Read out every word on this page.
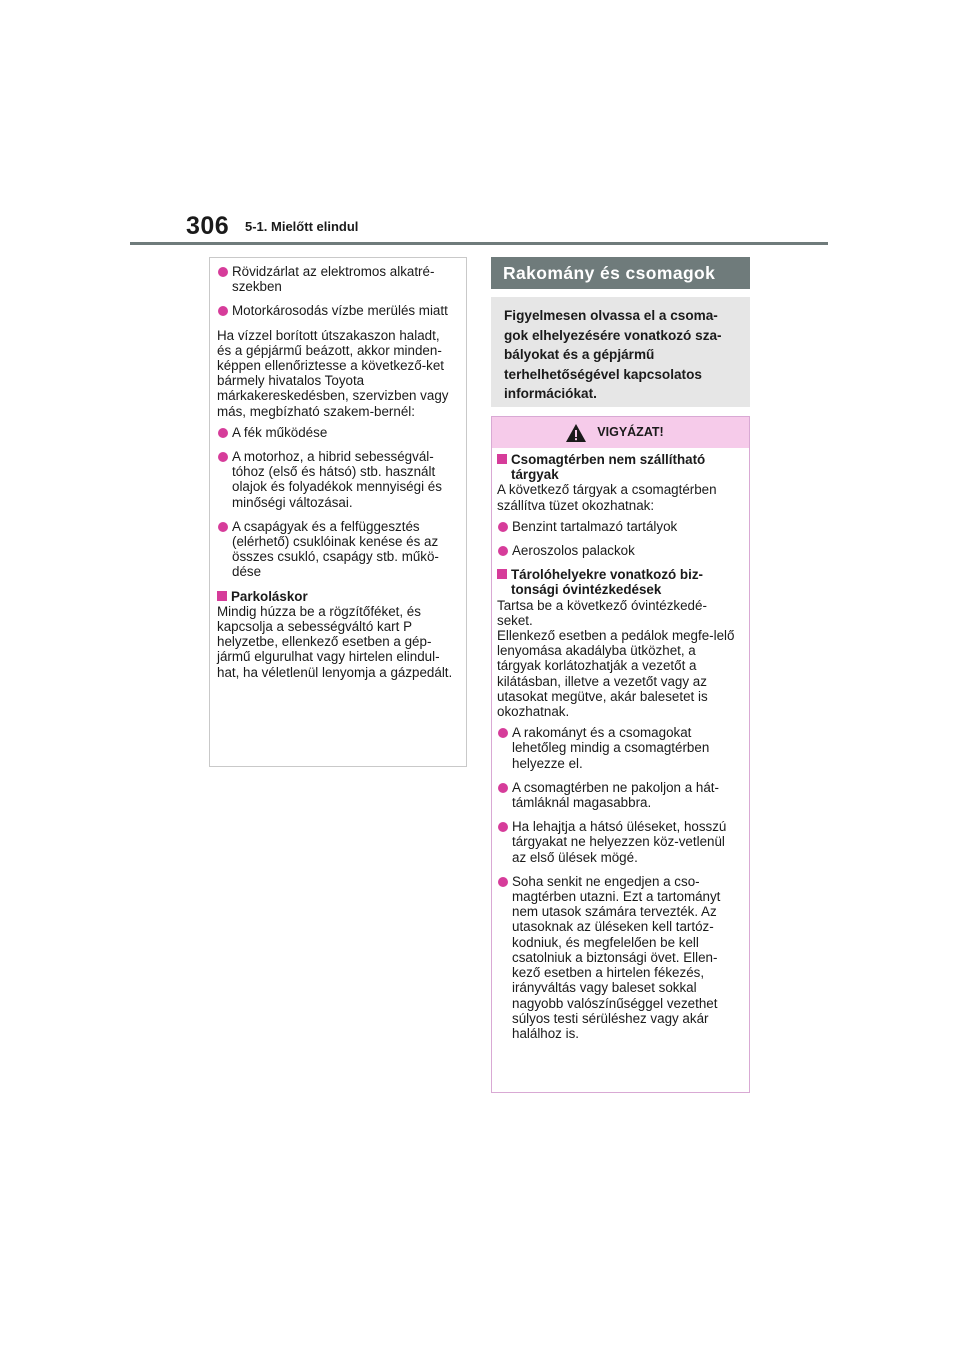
306 5-1. Mielőtt elindul
Rövidzárlat az elektromos alkatré-szekben
Motorkárosodás vízbe merülés miatt
Ha vízzel borított útszakaszon haladt, és a gépjármű beázott, akkor minden-képpen ellenőriztesse a következő-ket bármely hivatalos Toyota márkakereskedésben, szervizben vagy más, megbízható szakem-bernél:
A fék működése
A motorhoz, a hibrid sebességvál-tóhoz (első és hátsó) stb. használt olajok és folyadékok mennyiségi és minőségi változásai.
A csapágyak és a felfüggesztés (elérhető) csuklóinak kenése és az összes csukló, csapágy stb. műkö-dése
Parkoláskor
Mindig húzza be a rögzítőféket, és kapcsolja a sebességváltó kart P helyzetbe, ellenkező esetben a gép-jármű elgurulhat vagy hirtelen elindul-hat, ha véletlenül lenyomja a gázpedált.
Rakomány és csomagok
Figyelmesen olvassa el a csoma-gok elhelyezésére vonatkozó sza-bályokat és a gépjármű terhelhetőségével kapcsolatos információkat.
VIGYÁZAT!
Csomagtérben nem szállítható tárgyak
A következő tárgyak a csomagtérben szállítva tüzet okozhatnak:
Benzint tartalmazó tartályok
Aeroszolos palackok
Tárolóhelyekre vonatkozó biz-tonsági óvintézkedések
Tartsa be a következő óvintézkedé-seket.
Ellenkező esetben a pedálok megfe-lelő lenyomása akadályba ütközhet, a tárgyak korlátozhatják a vezetőt a kilátásban, illetve a vezetőt vagy az utasokat megütve, akár balesetet is okozhatnak.
A rakományt és a csomagokat lehetőleg mindig a csomagtérben helyezze el.
A csomagtérben ne pakoljon a hát-támláknál magasabbra.
Ha lehajtja a hátsó üléseket, hosszú tárgyakat ne helyezzen köz-vetlenül az első ülések mögé.
Soha senkit ne engedjen a cso-magtérben utazni. Ezt a tartományt nem utasok számára tervezték. Az utasoknak az üléseken kell tartóz-kodniuk, és megfelelően be kell csatolniuk a biztonsági övet. Ellen-kező esetben a hirtelen fékezés, irányváltás vagy baleset sokkal nagyobb valószínűséggel vezethet súlyos testi sérüléshez vagy akár halálhoz is.
